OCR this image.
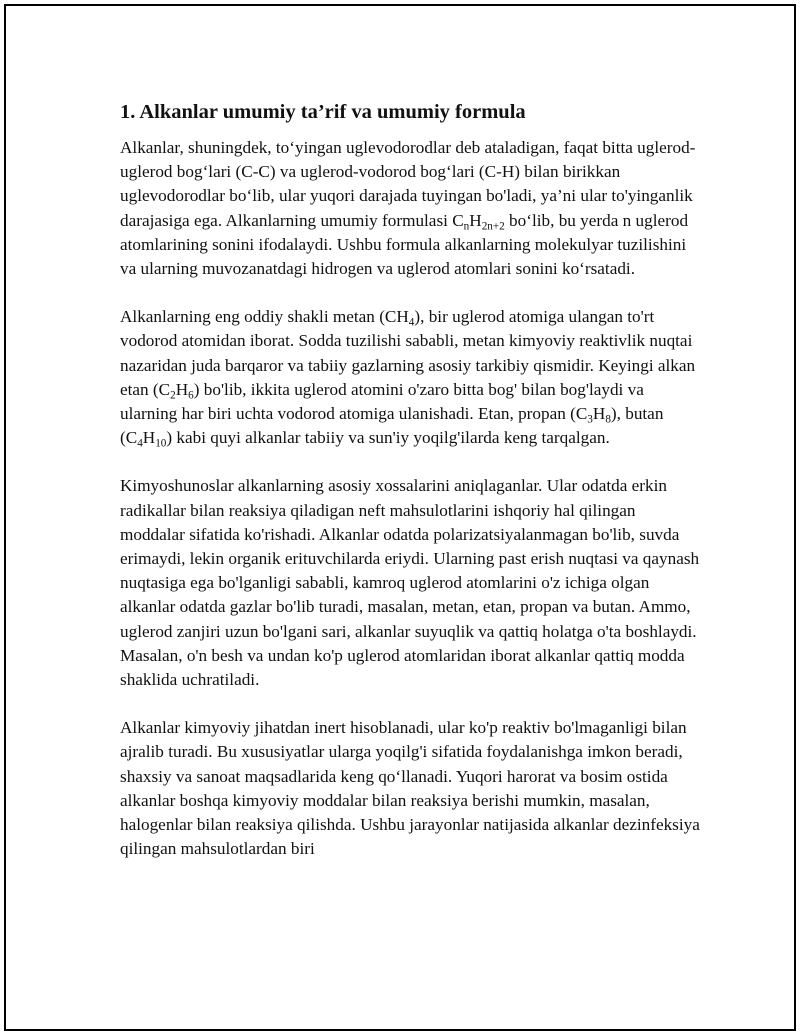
1. Alkanlar umumiy ta’rif va umumiy formula

Alkanlar, shuningdek, to‘yingan uglevodorodlar deb ataladigan, faqat bitta uglerod-uglerod bog‘lari (C-C) va uglerod-vodorod bog‘lari (C-H) bilan birikkan uglevodorodlar bo‘lib, ular yuqori darajada tuyingan bo'ladi, ya’ni ular to'yinganlik darajasiga ega. Alkanlarning umumiy formulasi $C_nH_{2n+2}$ bo‘lib, bu yerda n uglerod atomlarining sonini ifodalaydi. Ushbu formula alkanlarning molekulyar tuzilishini va ularning muvozanatdagi hidrogen va uglerod atomlari sonini ko‘rsatadi.

Alkanlarning eng oddiy shakli metan $(CH_4)$, bir uglerod atomiga ulangan to'rt vodorod atomidan iborat. Sodda tuzilishi sababli, metan kimyoviy reaktivlik nuqtai nazaridan juda barqaror va tabiiy gazlarning asosiy tarkibiy qismidir. Keyingi alkan etan $(C_2H_6)$ bo'lib, ikkita uglerod atomini o'zaro bitta bog' bilan bog'laydi va ularning har biri uchta vodorod atomiga ulanishadi. Etan, propan $(C_3H_8)$, butan $(C_4H_{10})$ kabi quyi alkanlar tabiiy va sun'iy yoqilg'ilarda keng tarqalgan.

Kimyoshunoslar alkanlarning asosiy xossalarini aniqlaganlar. Ular odatda erkin radikallar bilan reaksiya qiladigan neft mahsulotlarini ishqoriy hal qilingan moddalar sifatida ko'rishadi. Alkanlar odatda polarizatsiyalanmagan bo'lib, suvda erimaydi, lekin organik erituvchilarda eriydi. Ularning past erish nuqtasi va qaynash nuqtasiga ega bo'lganligi sababli, kamroq uglerod atomlarini o'z ichiga olgan alkanlar odatda gazlar bo'lib turadi, masalan, metan, etan, propan va butan. Ammo, uglerod zanjiri uzun bo'lgani sari, alkanlar suyuqlik va qattiq holatga o'ta boshlaydi. Masalan, o'n besh va undan ko'p uglerod atomlaridan iborat alkanlar qattiq modda shaklida uchratiladi.

Alkanlar kimyoviy jihatdan inert hisoblanadi, ular ko'p reaktiv bo'lmaganligi bilan ajralib turadi. Bu xususiyatlar ularga yoqilg'i sifatida foydalanishga imkon beradi, shaxsiy va sanoat maqsadlarida keng qo‘llanadi. Yuqori harorat va bosim ostida alkanlar boshqa kimyoviy moddalar bilan reaksiya berishi mumkin, masalan, halogenlar bilan reaksiya qilishda. Ushbu jarayonlar natijasida alkanlar dezinfeksiya qilingan mahsulotlardan biri
